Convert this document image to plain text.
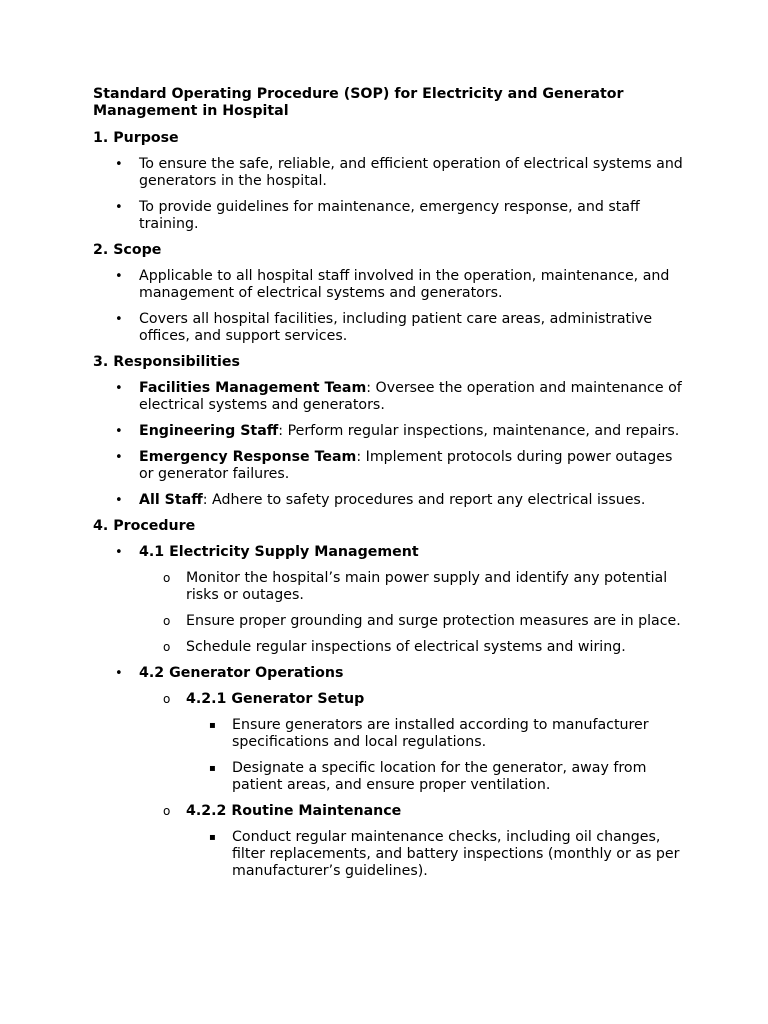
Standard Operating Procedure (SOP) for Electricity and Generator Management in Hospital
1. Purpose
• To ensure the safe, reliable, and efficient operation of electrical systems and generators in the hospital.
• To provide guidelines for maintenance, emergency response, and staff training.
2. Scope
• Applicable to all hospital staff involved in the operation, maintenance, and management of electrical systems and generators.
• Covers all hospital facilities, including patient care areas, administrative offices, and support services.
3. Responsibilities
• Facilities Management Team: Oversee the operation and maintenance of electrical systems and generators.
• Engineering Staff: Perform regular inspections, maintenance, and repairs.
• Emergency Response Team: Implement protocols during power outages or generator failures.
• All Staff: Adhere to safety procedures and report any electrical issues.
4. Procedure
• 4.1 Electricity Supply Management
o Monitor the hospital’s main power supply and identify any potential risks or outages.
o Ensure proper grounding and surge protection measures are in place.
o Schedule regular inspections of electrical systems and wiring.
• 4.2 Generator Operations
o 4.2.1 Generator Setup
▪ Ensure generators are installed according to manufacturer specifications and local regulations.
▪ Designate a specific location for the generator, away from patient areas, and ensure proper ventilation.
o 4.2.2 Routine Maintenance
▪ Conduct regular maintenance checks, including oil changes, filter replacements, and battery inspections (monthly or as per manufacturer’s guidelines).
